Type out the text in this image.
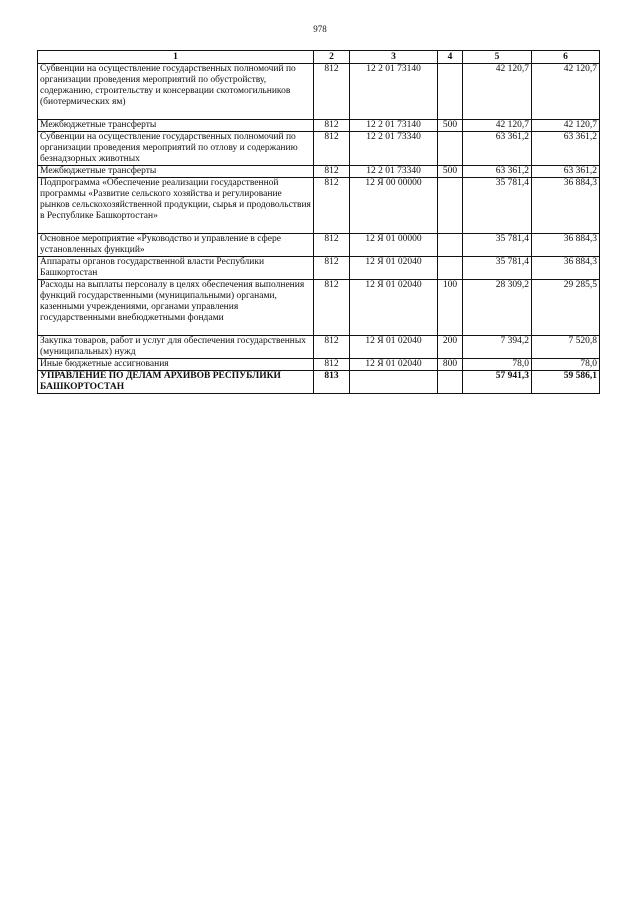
978
1	2	3	4	5	6
Субвенции на осуществление государственных полномочий по организации проведения мероприятий по обустройству, содержанию, строительству и консервации скотомогильников (биотермических ям)	812	12 2 01 73140		42 120,7	42 120,7
Межбюджетные трансферты	812	12 2 01 73140	500	42 120,7	42 120,7
Субвенции на осуществление государственных полномочий по организации проведения мероприятий по отлову и содержанию безнадзорных животных	812	12 2 01 73340		63 361,2	63 361,2
Межбюджетные трансферты	812	12 2 01 73340	500	63 361,2	63 361,2
Подпрограмма «Обеспечение реализации государственной программы «Развитие сельского хозяйства и регулирование рынков сельскохозяйственной продукции, сырья и продовольствия в Республике Башкортостан»	812	12 Я 00 00000		35 781,4	36 884,3
Основное мероприятие «Руководство и управление в сфере установленных функций»	812	12 Я 01 00000		35 781,4	36 884,3
Аппараты органов государственной власти Республики Башкортостан	812	12 Я 01 02040		35 781,4	36 884,3
Расходы на выплаты персоналу в целях обеспечения выполнения функций государственными (муниципальными) органами, казенными учреждениями, органами управления государственными внебюджетными фондами	812	12 Я 01 02040	100	28 309,2	29 285,5
Закупка товаров, работ и услуг для обеспечения государственных (муниципальных) нужд	812	12 Я 01 02040	200	7 394,2	7 520,8
Иные бюджетные ассигнования	812	12 Я 01 02040	800	78,0	78,0
УПРАВЛЕНИЕ ПО ДЕЛАМ АРХИВОВ РЕСПУБЛИКИ БАШКОРТОСТАН	813			57 941,3	59 586,1
